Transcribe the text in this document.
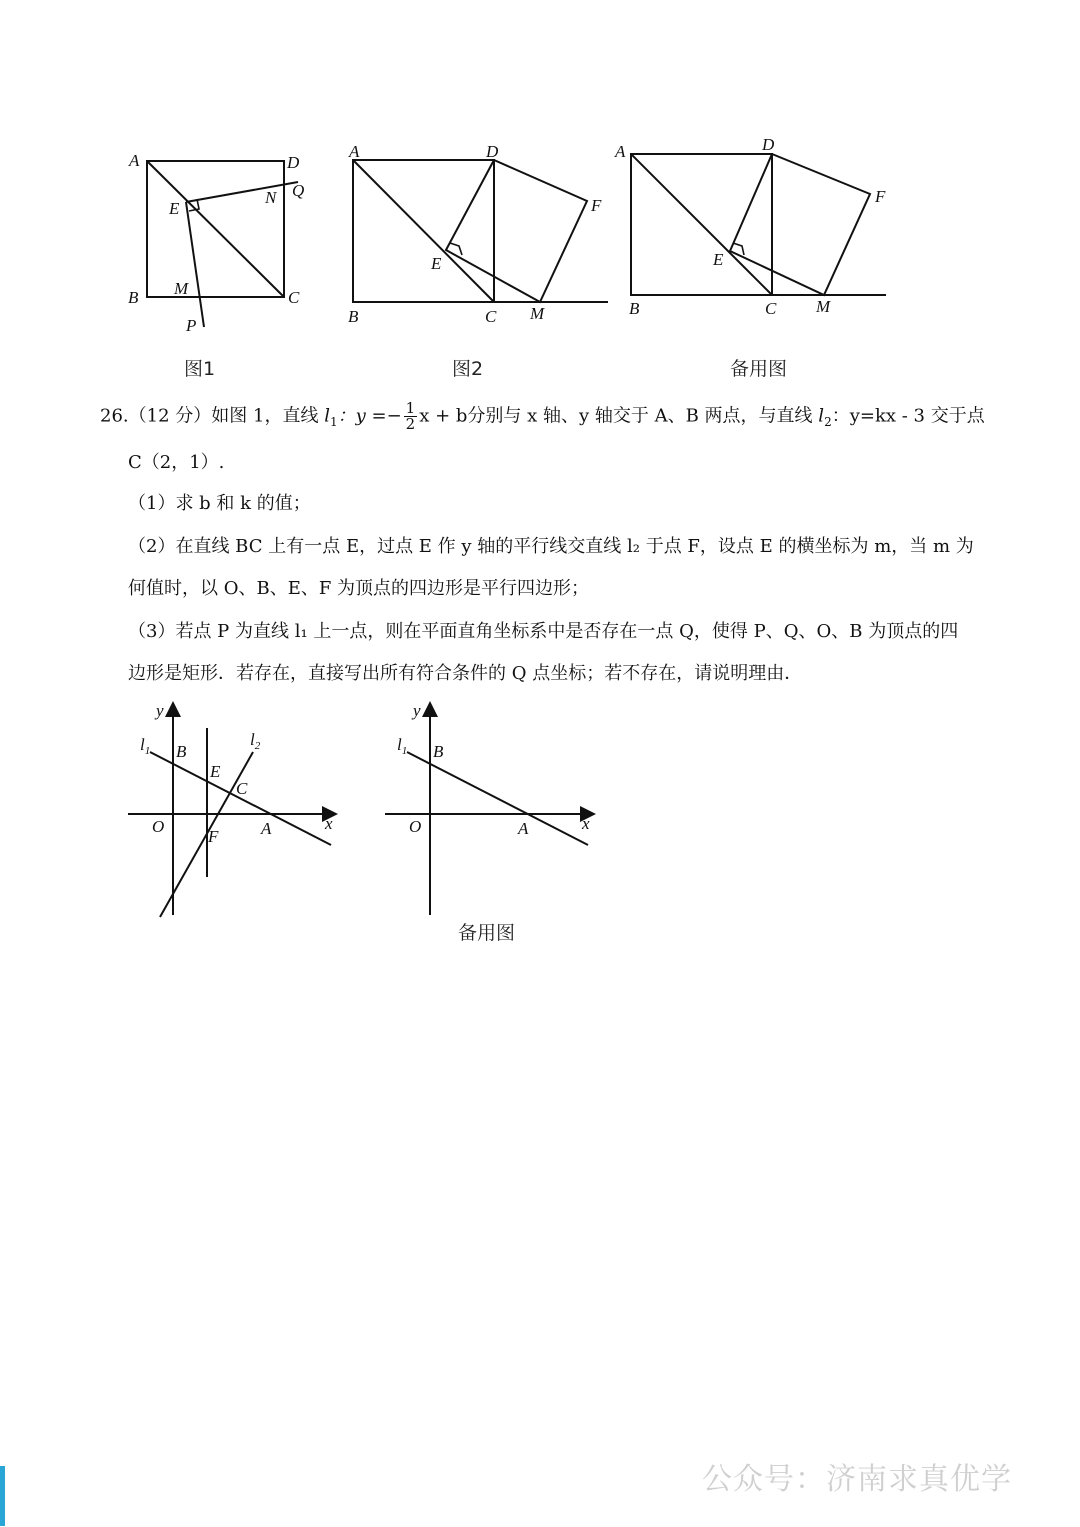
A	D
B	C
E
N Q
M
P
A	D
F
E
B	C M
A	D
F
E
B	C M
图1	图2	备用图
26.（12 分）如图 1，直线 $l_1$：$y =- \frac{1}{2}$ x + b分别与 x 轴、y 轴交于 A、B 两点，与直线 $l_2$：y=kx - 3 交于点
C（2，1）.
（1）求 b 和 k 的值；
（2）在直线 BC 上有一点 E，过点 E 作 y 轴的平行线交直线 l₂ 于点 F，设点 E 的横坐标为 m，当 m 为
何值时，以 O、B、E、F 为顶点的四边形是平行四边形；
（3）若点 P 为直线 l₁ 上一点，则在平面直角坐标系中是否存在一点 Q，使得 P、Q、O、B 为顶点的四
边形是矩形．若存在，直接写出所有符合条件的 Q 点坐标；若不存在，请说明理由．
y
x
O
B
E
C
A
F
$l_1$
$l_2$
y
x
O
B
A
$l_1$
备用图
公众号：济南求真优学
